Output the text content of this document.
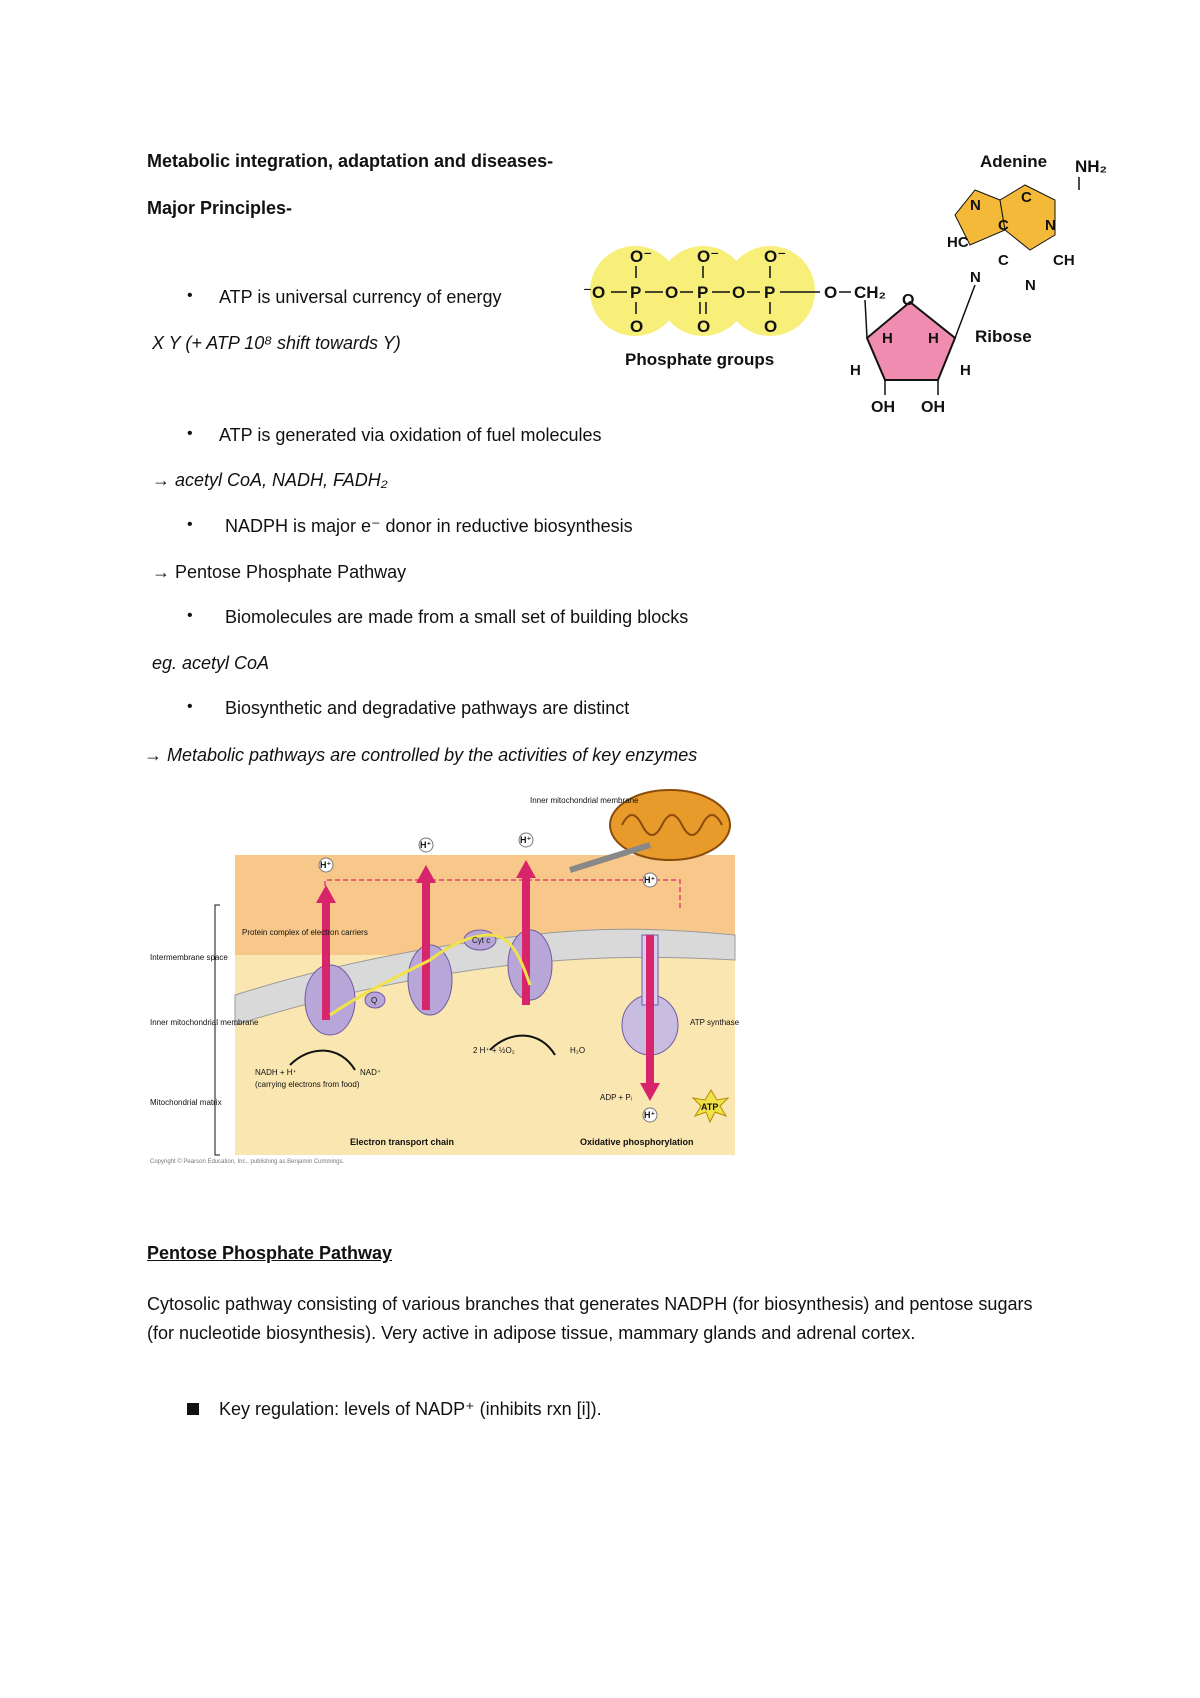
Metabolic integration, adaptation and diseases-
Major Principles-
• ATP is universal currency of energy
X Y (+ ATP 10⁸ shift towards Y)
• ATP is generated via oxidation of fuel molecules
→ acetyl CoA, NADH, FADH₂
• NADPH is major e⁻ donor in reductive biosynthesis
→ Pentose Phosphate Pathway
• Biomolecules are made from a small set of building blocks
eg. acetyl CoA
• Biosynthetic and degradative pathways are distinct
→ Metabolic pathways are controlled by the activities of key enzymes
⁻O P
O⁻
O
O P
O⁻
O
O P
O⁻
O
O CH₂
Phosphate groups
O
H H
H	H
OH OH
Ribose
N
HC
N
C
C
C
N
CH
N
Adenine NH₂
H⁺
H⁺	H⁺
H⁺
H⁺
ATP
Inner mitochondrial membrane
Intermembrane space
Inner mitochondrial membrane
Mitochondrial matrix
Protein complex of electron carriers
Cyt c
Q
NADH + H⁺	NAD⁺
(carrying electrons from food)
2 H⁺ + ½O₂	H₂O
ATP synthase
ADP + Pᵢ
Electron transport chain	Oxidative phosphorylation
Copyright © Pearson Education, Inc., publishing as Benjamin Cummings.
Pentose Phosphate Pathway
Cytosolic pathway consisting of various branches that generates NADPH (for biosynthesis) and pentose sugars (for nucleotide biosynthesis). Very active in adipose tissue, mammary glands and adrenal cortex.
Key regulation: levels of NADP⁺ (inhibits rxn [i]).
